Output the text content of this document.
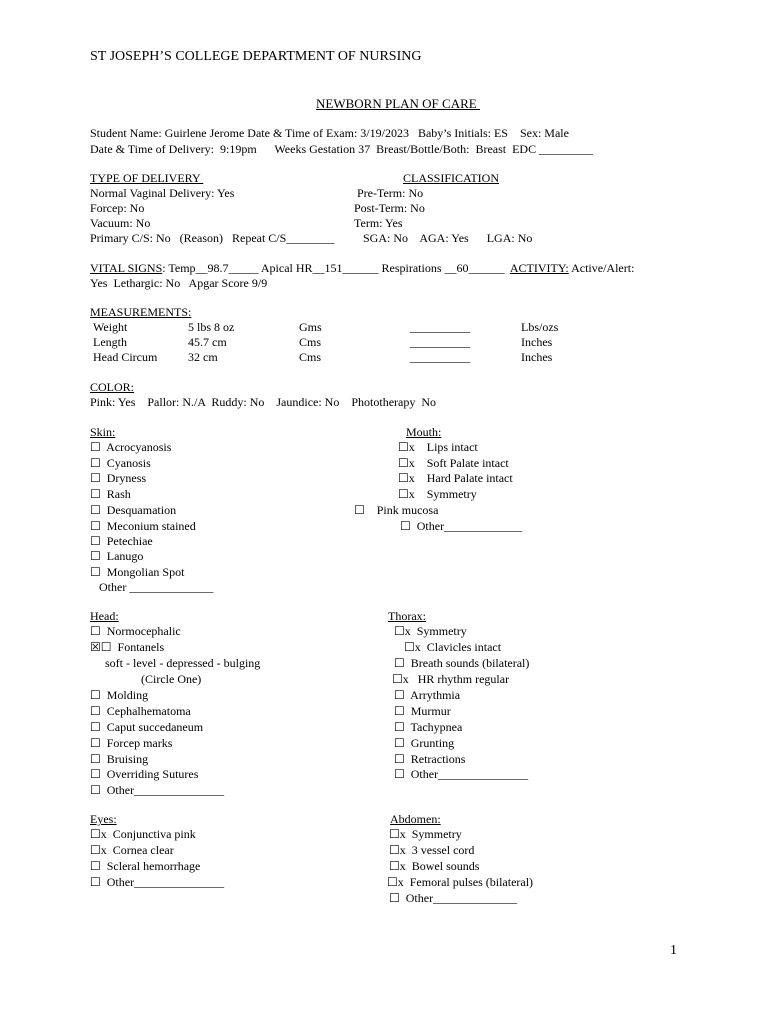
ST JOSEPH’S COLLEGE DEPARTMENT OF NURSING
NEWBORN PLAN OF CARE
Student Name: Guirlene Jerome Date & Time of Exam: 3/19/2023   Baby’s Initials: ES    Sex: Male
Date & Time of Delivery:  9:19pm      Weeks Gestation 37  Breast/Bottle/Both:  Breast  EDC _________
TYPE OF DELIVERY
Normal Vaginal Delivery: Yes
Forcep: No
Vacuum: No
Primary C/S: No   (Reason)   Repeat C/S________
CLASSIFICATION
Pre-Term: No
Post-Term: No
Term: Yes
SGA: No    AGA: Yes      LGA: No
VITAL SIGNS: Temp__98.7_____ Apical HR__151______ Respirations __60______  ACTIVITY: Active/Alert:
Yes  Lethargic: No   Apgar Score 9/9
MEASUREMENTS:
Weight	5 lbs 8 oz	Gms	__________	Lbs/ozs
Length	45.7 cm	Cms	__________	Inches
Head Circum	32 cm	Cms	__________	Inches
COLOR:
Pink: Yes    Pallor: N./A  Ruddy: No    Jaundice: No    Phototherapy  No
Skin:
☐  Acrocyanosis
☐  Cyanosis
☐  Dryness
☐  Rash
☐  Desquamation
☐  Meconium stained
☐  Petechiae
☐  Lanugo
☐  Mongolian Spot
Other ______________
Mouth:
☐x    Lips intact
☐x    Soft Palate intact
☐x    Hard Palate intact
☐x    Symmetry
☐    Pink mucosa
☐  Other_____________
Head:
☐  Normocephalic
☒☐  Fontanels
soft - level - depressed - bulging
(Circle One)
☐  Molding
☐  Cephalhematoma
☐  Caput succedaneum
☐  Forcep marks
☐  Bruising
☐  Overriding Sutures
☐  Other_______________
Thorax:
☐x  Symmetry
☐x  Clavicles intact
☐  Breath sounds (bilateral)
☐x   HR rhythm regular
☐  Arrythmia
☐  Murmur
☐  Tachypnea
☐  Grunting
☐  Retractions
☐  Other_______________
Eyes:
☐x  Conjunctiva pink
☐x  Cornea clear
☐  Scleral hemorrhage
☐  Other_______________
Abdomen:
☐x  Symmetry
☐x  3 vessel cord
☐x  Bowel sounds
☐x  Femoral pulses (bilateral)
☐  Other______________
1
